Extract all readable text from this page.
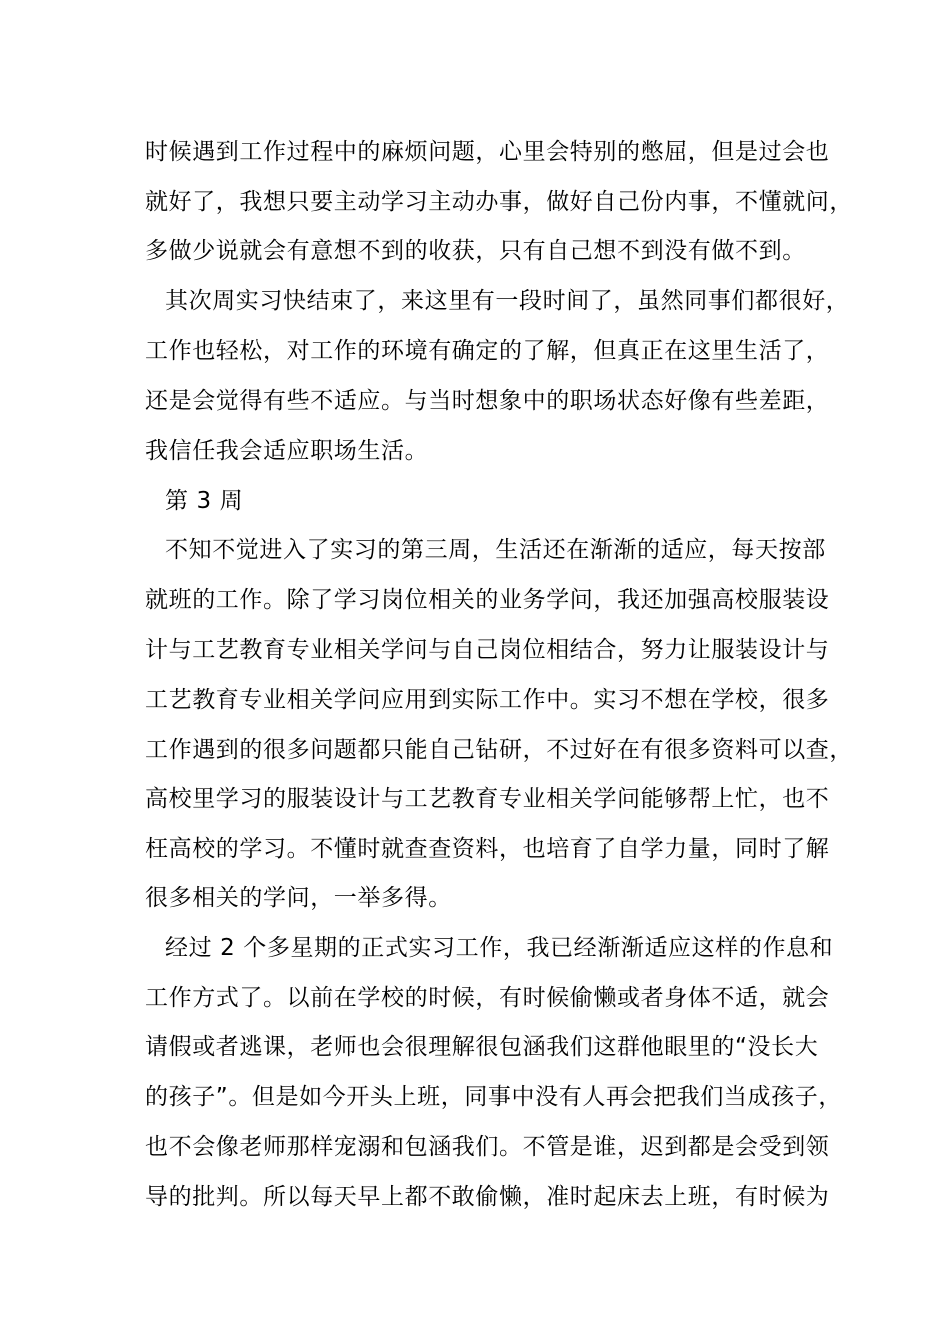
时候遇到工作过程中的麻烦问题，心里会特别的憋屈，但是过会也
就好了，我想只要主动学习主动办事，做好自己份内事，不懂就问，
多做少说就会有意想不到的收获，只有自己想不到没有做不到。
其次周实习快结束了，来这里有一段时间了，虽然同事们都很好，
工作也轻松，对工作的环境有确定的了解，但真正在这里生活了，
还是会觉得有些不适应。与当时想象中的职场状态好像有些差距，
我信任我会适应职场生活。
第 3 周
不知不觉进入了实习的第三周，生活还在渐渐的适应，每天按部
就班的工作。除了学习岗位相关的业务学问，我还加强高校服装设
计与工艺教育专业相关学问与自己岗位相结合，努力让服装设计与
工艺教育专业相关学问应用到实际工作中。实习不想在学校，很多
工作遇到的很多问题都只能自己钻研，不过好在有很多资料可以查，
高校里学习的服装设计与工艺教育专业相关学问能够帮上忙，也不
枉高校的学习。不懂时就查查资料，也培育了自学力量，同时了解
很多相关的学问，一举多得。
经过 2 个多星期的正式实习工作，我已经渐渐适应这样的作息和
工作方式了。以前在学校的时候，有时候偷懒或者身体不适，就会
请假或者逃课，老师也会很理解很包涵我们这群他眼里的“没长大
的孩子”。但是如今开头上班，同事中没有人再会把我们当成孩子，
也不会像老师那样宠溺和包涵我们。不管是谁，迟到都是会受到领
导的批判。所以每天早上都不敢偷懒，准时起床去上班，有时候为
